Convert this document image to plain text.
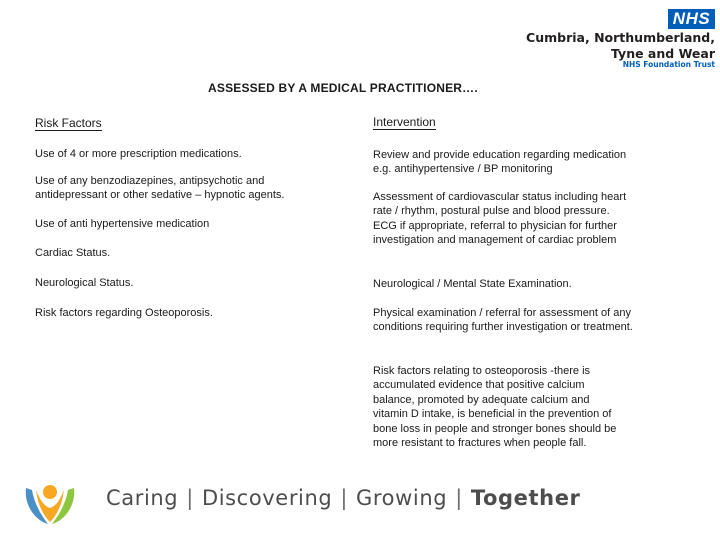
NHS
Cumbria, Northumberland,
Tyne and Wear
NHS Foundation Trust
ASSESSED BY A MEDICAL PRACTITIONER….
Risk Factors	Intervention
Use of 4 or more prescription medications.
Use of any benzodiazepines, antipsychotic and antidepressant or other sedative – hypnotic agents.
Use of anti hypertensive medication
Cardiac Status.
Neurological Status.
Risk factors regarding Osteoporosis.
Review and provide education regarding medication e.g. antihypertensive / BP monitoring
Assessment of cardiovascular status including heart rate / rhythm, postural pulse and blood pressure. ECG if appropriate, referral to physician for further investigation and management of cardiac problem
Neurological / Mental State Examination.
Physical examination / referral for assessment of any conditions requiring further investigation or treatment.
Risk factors relating to osteoporosis -there is accumulated evidence that positive calcium balance, promoted by adequate calcium and vitamin D intake, is beneficial in the prevention of bone loss in people and stronger bones should be more resistant to fractures when people fall.
Caring | Discovering | Growing | Together
